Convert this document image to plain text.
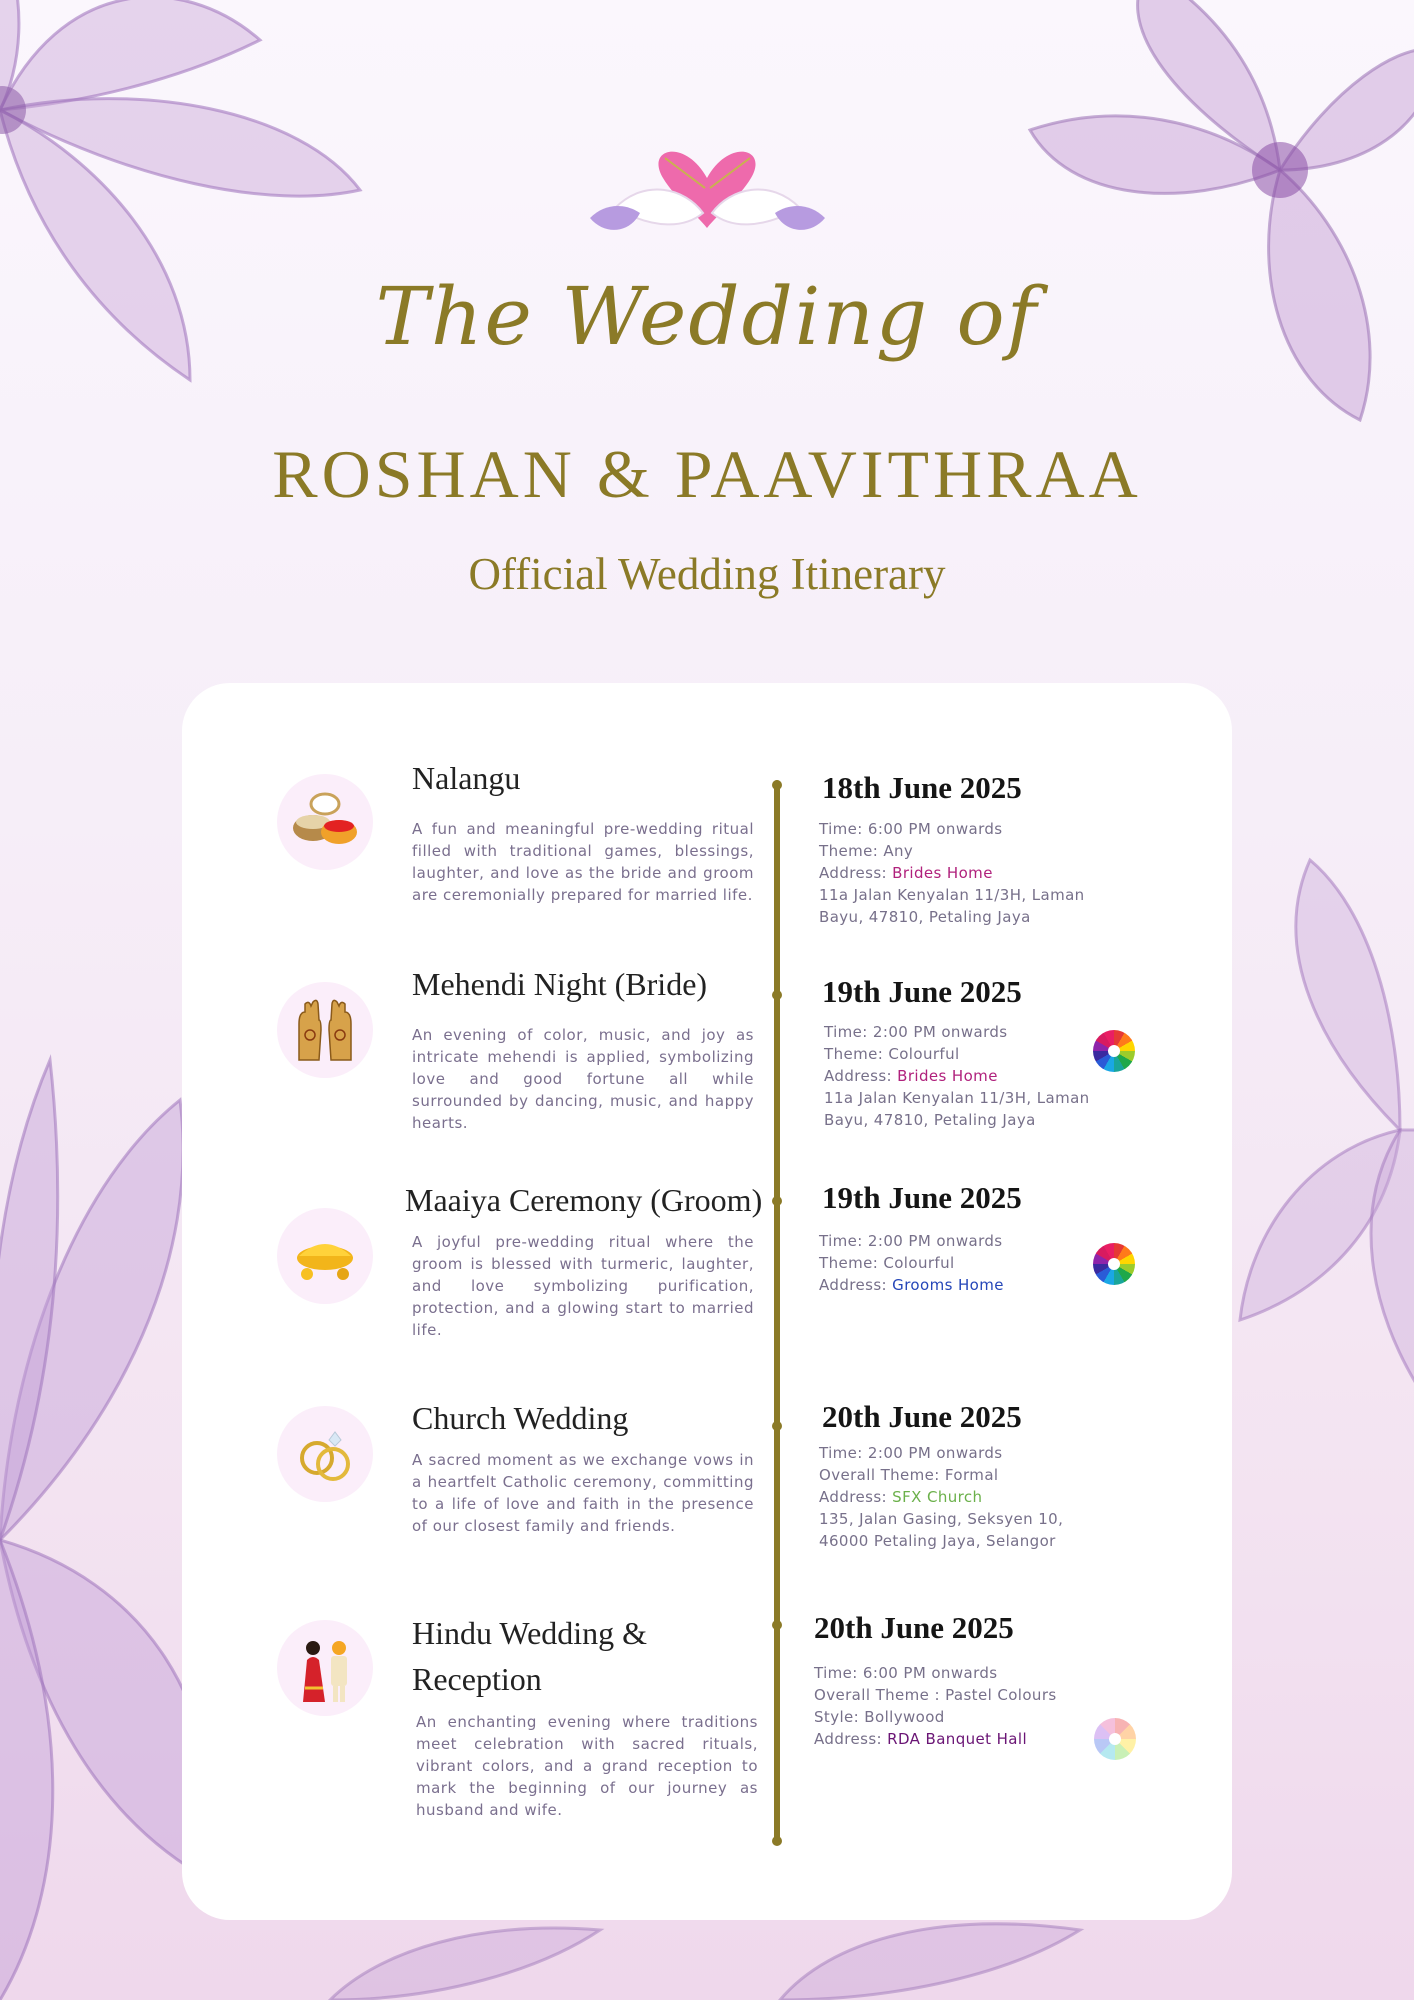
The Wedding of
ROSHAN & PAAVITHRAA
Official Wedding Itinerary
Nalangu
A fun and meaningful pre-wedding ritual filled with traditional games, blessings, laughter, and love as the bride and groom are ceremonially prepared for married life.
18th June 2025
Time: 6:00 PM onwards
Theme: Any
Address: Brides Home
11a Jalan Kenyalan 11/3H, Laman
Bayu, 47810, Petaling Jaya
Mehendi Night (Bride)
An evening of color, music, and joy as intricate mehendi is applied, symbolizing love and good fortune all while surrounded by dancing, music, and happy hearts.
19th June 2025
Time: 2:00 PM onwards
Theme: Colourful
Address: Brides Home
11a Jalan Kenyalan 11/3H, Laman
Bayu, 47810, Petaling Jaya
Maaiya Ceremony (Groom)
A joyful pre-wedding ritual where the groom is blessed with turmeric, laughter, and love symbolizing purification, protection, and a glowing start to married life.
19th June 2025
Time: 2:00 PM onwards
Theme: Colourful
Address: Grooms Home
Church Wedding
A sacred moment as we exchange vows in a heartfelt Catholic ceremony, committing to a life of love and faith in the presence of our closest family and friends.
20th June 2025
Time: 2:00 PM onwards
Overall Theme: Formal
Address: SFX Church
135, Jalan Gasing, Seksyen 10,
46000 Petaling Jaya, Selangor
Hindu Wedding &
Reception
An enchanting evening where traditions meet celebration with sacred rituals, vibrant colors, and a grand reception to mark the beginning of our journey as husband and wife.
20th June 2025
Time: 6:00 PM onwards
Overall Theme : Pastel Colours
Style: Bollywood
Address: RDA Banquet Hall
